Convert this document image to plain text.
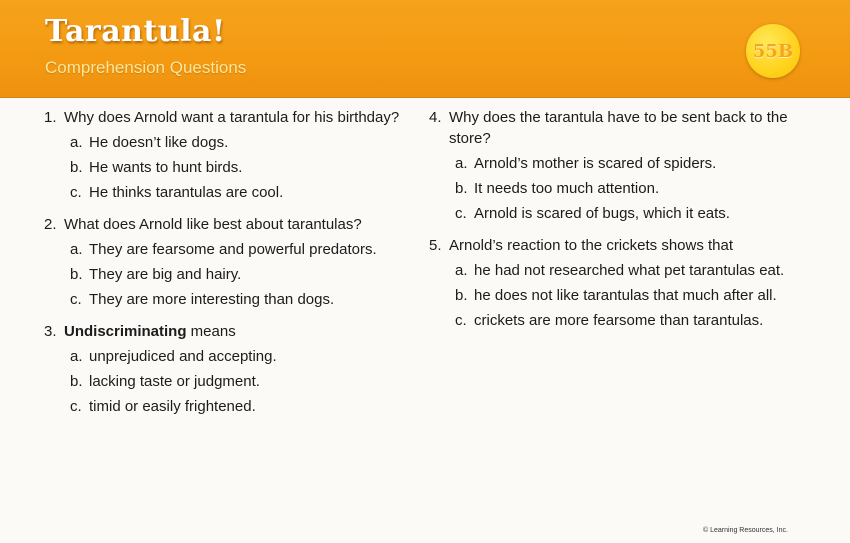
Tarantula!
Comprehension Questions
55B
1. Why does Arnold want a tarantula for his birthday?
a. He doesn’t like dogs.
b. He wants to hunt birds.
c. He thinks tarantulas are cool.
2. What does Arnold like best about tarantulas?
a. They are fearsome and powerful predators.
b. They are big and hairy.
c. They are more interesting than dogs.
3. Undiscriminating means
a. unprejudiced and accepting.
b. lacking taste or judgment.
c. timid or easily frightened.
4. Why does the tarantula have to be sent back to the store?
a. Arnold’s mother is scared of spiders.
b. It needs too much attention.
c. Arnold is scared of bugs, which it eats.
5. Arnold’s reaction to the crickets shows that
a. he had not researched what pet tarantulas eat.
b. he does not like tarantulas that much after all.
c. crickets are more fearsome than tarantulas.
© Learning Resources, Inc.
